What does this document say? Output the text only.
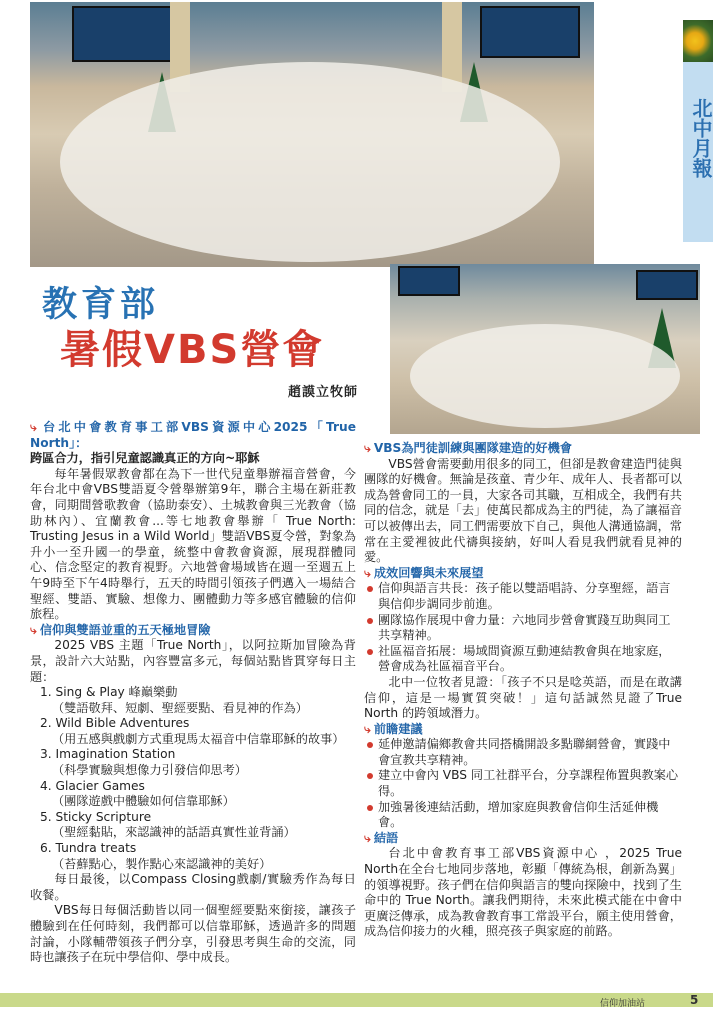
北中月報
教育部
暑假VBS營會
趙謨立牧師

⤷ 台北中會教育事工部VBS資源中心2025「True North」：

跨區合力，指引兒童認識真正的方向~耶穌

每年暑假眾教會都在為下一世代兒童舉辦福音營會，今年台北中會VBS雙語夏令營舉辦第9年，聯合主場在新莊教會，同期間營歌教會（協助泰安）、土城教會與三光教會（協助林內）、宜蘭教會...等七地教會舉辦「 True North: Trusting Jesus in a Wild World」雙語VBS夏令營，對象為升小一至升國一的學童，統整中會教會資源，展現群體同心、信念堅定的教育視野。六地營會場域皆在週一至週五上午9時至下午4時舉行，五天的時間引領孩子們邁入一場結合聖經、雙語、實驗、想像力、團體動力等多感官體驗的信仰旅程。

⤷ 信仰與雙語並重的五天極地冒險

2025 VBS 主題「True North」，以阿拉斯加冒險為背景，設計六大站點，內容豐富多元，每個站點皆貫穿每日主題：

1. Sing & Play 峰巔樂動
（雙語敬拜、短劇、聖經要點、看見神的作為）
2. Wild Bible Adventures
（用五感與戲劇方式重現馬太福音中信靠耶穌的故事）
3. Imagination Station
（科學實驗與想像力引發信仰思考）
4. Glacier Games
（團隊遊戲中體驗如何信靠耶穌）
5. Sticky Scripture
（聖經黏貼，來認識神的話語真實性並背誦）
6. Tundra treats
（苔蘚點心，製作點心來認識神的美好）

每日最後，以Compass Closing戲劇/實驗秀作為每日收餐。

VBS每日每個活動皆以同一個聖經要點來銜接，讓孩子體驗到在任何時刻，我們都可以信靠耶穌，透過許多的問題討論，小隊輔帶領孩子們分享，引發思考與生命的交流，同時也讓孩子在玩中學信仰、學中成長。

⤷ VBS為門徒訓練與團隊建造的好機會

VBS營會需要動用很多的同工，但卻是教會建造門徒與團隊的好機會。無論是孩童、青少年、成年人、長者都可以成為營會同工的一員，大家各司其職，互相成全，我們有共同的信念，就是「去」使萬民都成為主的門徒，為了讓福音可以被傳出去，同工們需要放下自己，與他人溝通協調，常常在主愛裡彼此代禱與接納，好叫人看見我們就看見神的愛。

⤷ 成效回響與未來展望

信仰與語言共長：孩子能以雙語唱詩、分享聖經，語言與信仰步調同步前進。
團隊協作展現中會力量：六地同步營會實踐互助與同工共享精神。
社區福音拓展：場域間資源互動連結教會與在地家庭，營會成為社區福音平台。

北中一位牧者見證：「孩子不只是唸英語，而是在敢講信仰，這是一場實質突破！」這句話誠然見證了True North 的跨領域潛力。

⤷ 前瞻建議

延伸邀請偏鄉教會共同搭橋開設多點聯網營會，實踐中會宣教共享精神。
建立中會內 VBS 同工社群平台，分享課程佈置與教案心得。
加強暑後連結活動，增加家庭與教會信仰生活延伸機會。

⤷ 結語

台北中會教育事工部VBS資源中心 ，2025 True North在全台七地同步落地，彰顯「傳統為根，創新為翼」的領導視野。孩子們在信仰與語言的雙向探險中，找到了生命中的 True North。讓我們期待，未來此模式能在中會中更廣泛傳承，成為教會教育事工常設平台，願主使用營會，成為信仰接力的火種，照亮孩子與家庭的前路。

信仰加油站	5
